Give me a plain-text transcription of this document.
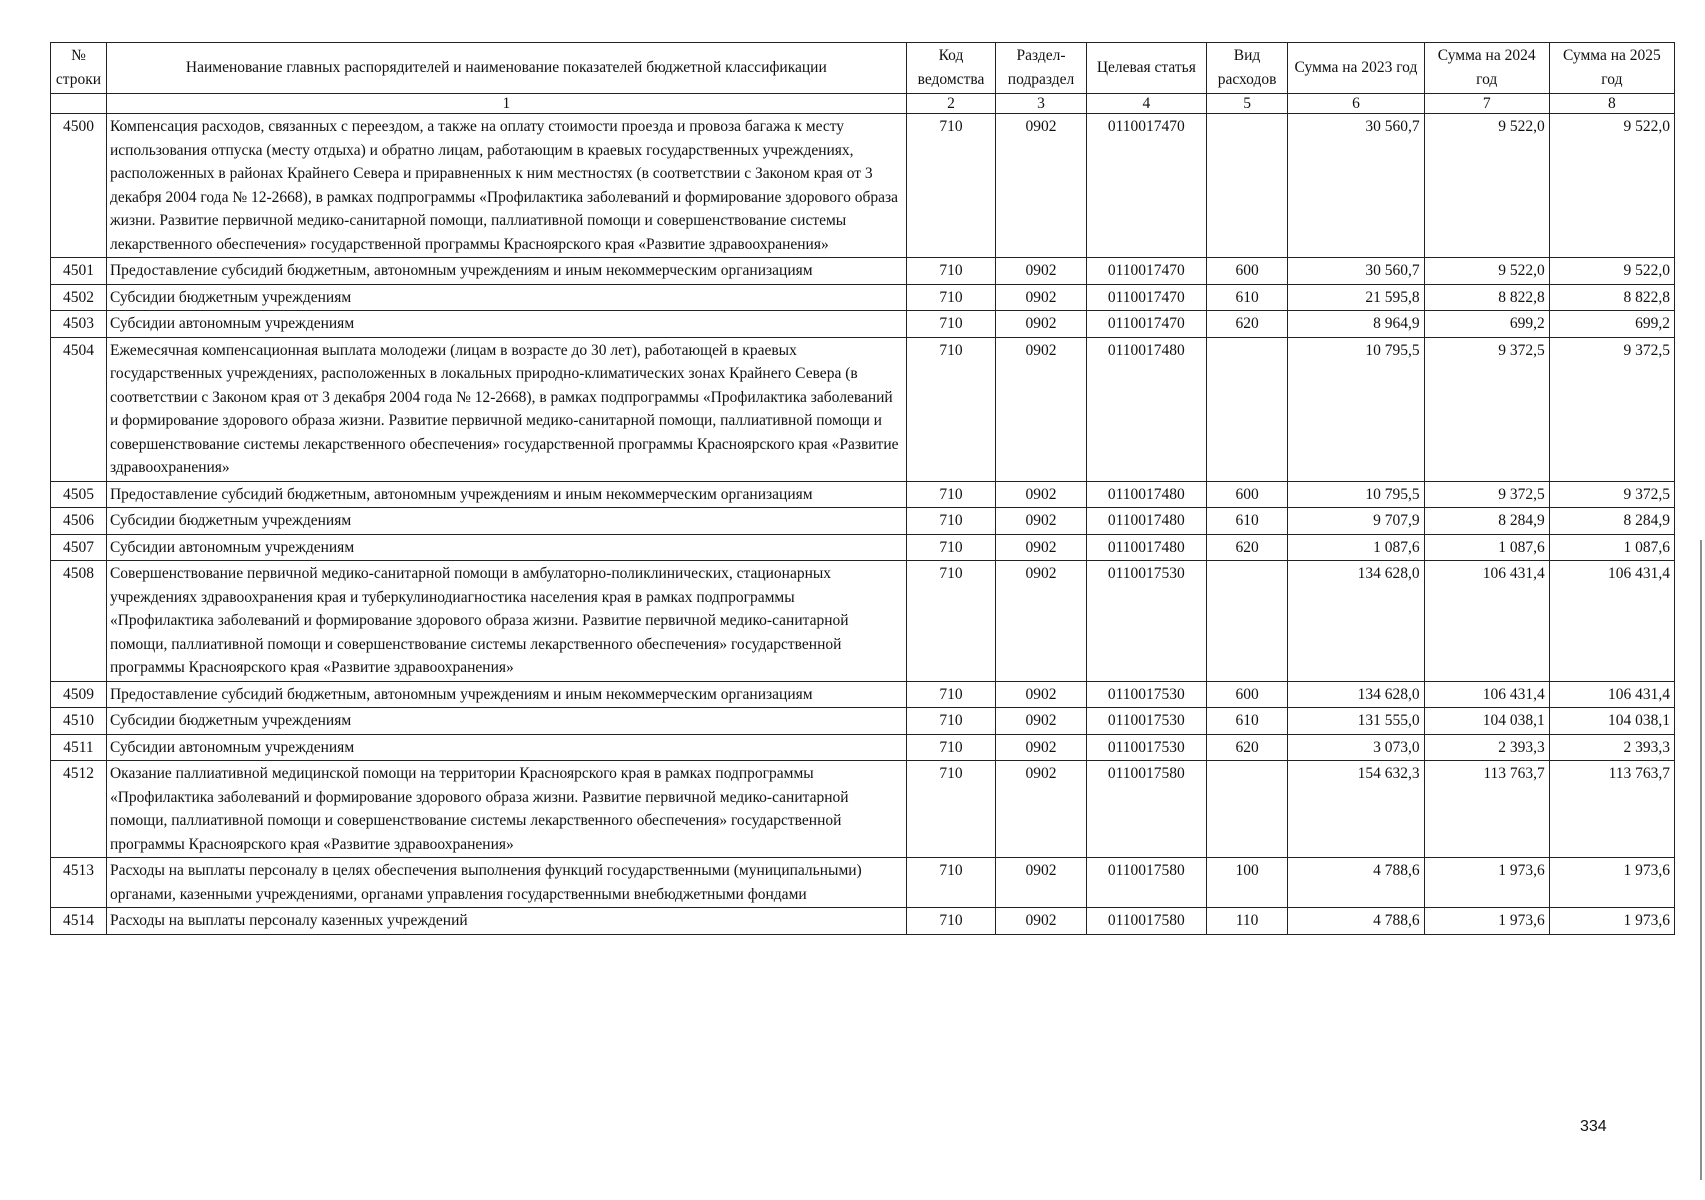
№ строки	Наименование главных распорядителей и наименование показателей бюджетной классификации	Код ведомства	Раздел-подраздел	Целевая статья	Вид расходов	Сумма на 2023 год	Сумма на 2024 год	Сумма на 2025 год
	1	2	3	4	5	6	7	8
4500	Компенсация расходов, связанных с переездом, а также на оплату стоимости проезда и провоза багажа к месту использования отпуска (месту отдыха) и обратно лицам, работающим в краевых государственных учреждениях, расположенных в районах Крайнего Севера и приравненных к ним местностях (в соответствии с Законом края от 3 декабря 2004 года № 12-2668), в рамках подпрограммы «Профилактика заболеваний и формирование здорового образа жизни. Развитие первичной медико-санитарной помощи, паллиативной помощи и совершенствование системы лекарственного обеспечения» государственной программы Красноярского края «Развитие здравоохранения»	710	0902	0110017470		30 560,7	9 522,0	9 522,0
4501	Предоставление субсидий бюджетным, автономным учреждениям и иным некоммерческим организациям	710	0902	0110017470	600	30 560,7	9 522,0	9 522,0
4502	Субсидии бюджетным учреждениям	710	0902	0110017470	610	21 595,8	8 822,8	8 822,8
4503	Субсидии автономным учреждениям	710	0902	0110017470	620	8 964,9	699,2	699,2
4504	Ежемесячная компенсационная выплата молодежи (лицам в возрасте до 30 лет), работающей в краевых государственных учреждениях, расположенных в локальных природно-климатических зонах Крайнего Севера (в соответствии с Законом края от 3 декабря 2004 года № 12-2668), в рамках подпрограммы «Профилактика заболеваний и формирование здорового образа жизни. Развитие первичной медико-санитарной помощи, паллиативной помощи и совершенствование системы лекарственного обеспечения» государственной программы Красноярского края «Развитие здравоохранения»	710	0902	0110017480		10 795,5	9 372,5	9 372,5
4505	Предоставление субсидий бюджетным, автономным учреждениям и иным некоммерческим организациям	710	0902	0110017480	600	10 795,5	9 372,5	9 372,5
4506	Субсидии бюджетным учреждениям	710	0902	0110017480	610	9 707,9	8 284,9	8 284,9
4507	Субсидии автономным учреждениям	710	0902	0110017480	620	1 087,6	1 087,6	1 087,6
4508	Совершенствование первичной медико-санитарной помощи в амбулаторно-поликлинических, стационарных учреждениях здравоохранения края и туберкулинодиагностика населения края в рамках подпрограммы «Профилактика заболеваний и формирование здорового образа жизни. Развитие первичной медико-санитарной помощи, паллиативной помощи и совершенствование системы лекарственного обеспечения» государственной программы Красноярского края «Развитие здравоохранения»	710	0902	0110017530		134 628,0	106 431,4	106 431,4
4509	Предоставление субсидий бюджетным, автономным учреждениям и иным некоммерческим организациям	710	0902	0110017530	600	134 628,0	106 431,4	106 431,4
4510	Субсидии бюджетным учреждениям	710	0902	0110017530	610	131 555,0	104 038,1	104 038,1
4511	Субсидии автономным учреждениям	710	0902	0110017530	620	3 073,0	2 393,3	2 393,3
4512	Оказание паллиативной медицинской помощи на территории Красноярского края в рамках подпрограммы «Профилактика заболеваний и формирование здорового образа жизни. Развитие первичной медико-санитарной помощи, паллиативной помощи и совершенствование системы лекарственного обеспечения» государственной программы Красноярского края «Развитие здравоохранения»	710	0902	0110017580		154 632,3	113 763,7	113 763,7
4513	Расходы на выплаты персоналу в целях обеспечения выполнения функций государственными (муниципальными) органами, казенными учреждениями, органами управления государственными внебюджетными фондами	710	0902	0110017580	100	4 788,6	1 973,6	1 973,6
4514	Расходы на выплаты персоналу казенных учреждений	710	0902	0110017580	110	4 788,6	1 973,6	1 973,6
334
